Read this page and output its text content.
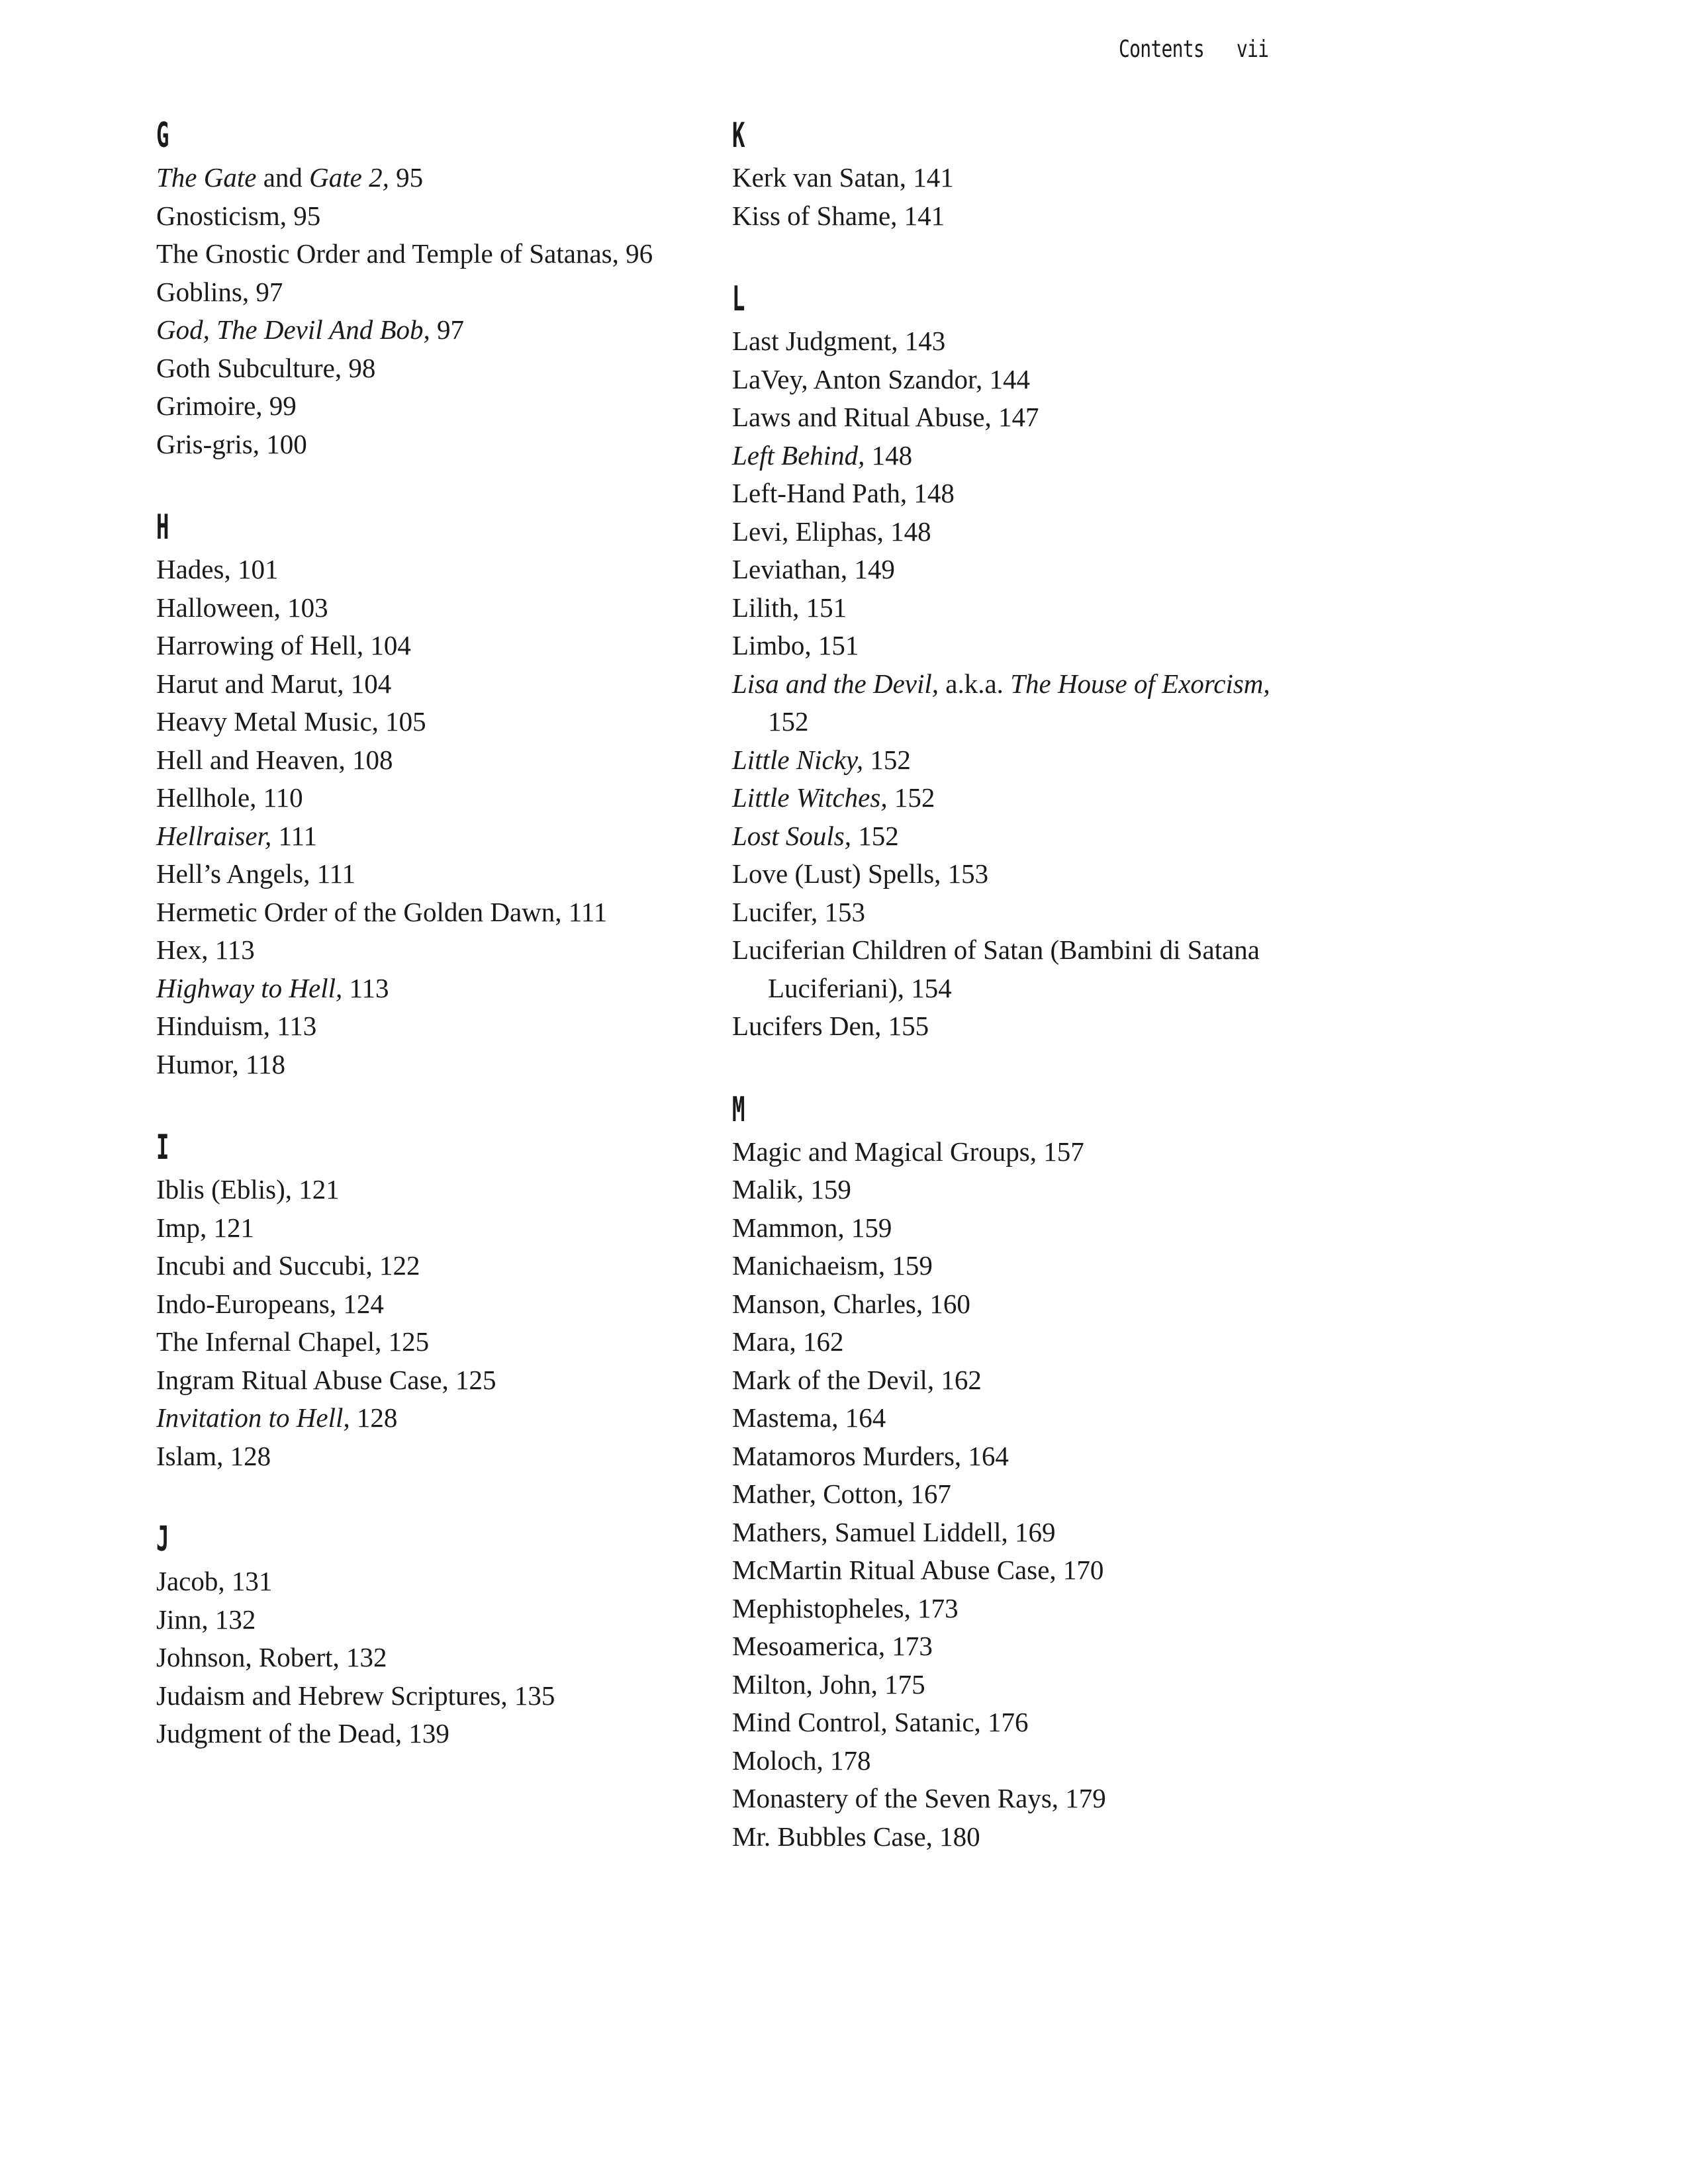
Contents vii
G
The Gate and Gate 2, 95
Gnosticism, 95
The Gnostic Order and Temple of Satanas, 96
Goblins, 97
God, The Devil And Bob, 97
Goth Subculture, 98
Grimoire, 99
Gris-gris, 100
H
Hades, 101
Halloween, 103
Harrowing of Hell, 104
Harut and Marut, 104
Heavy Metal Music, 105
Hell and Heaven, 108
Hellhole, 110
Hellraiser, 111
Hell’s Angels, 111
Hermetic Order of the Golden Dawn, 111
Hex, 113
Highway to Hell, 113
Hinduism, 113
Humor, 118
I
Iblis (Eblis), 121
Imp, 121
Incubi and Succubi, 122
Indo-Europeans, 124
The Infernal Chapel, 125
Ingram Ritual Abuse Case, 125
Invitation to Hell, 128
Islam, 128
J
Jacob, 131
Jinn, 132
Johnson, Robert, 132
Judaism and Hebrew Scriptures, 135
Judgment of the Dead, 139
K
Kerk van Satan, 141
Kiss of Shame, 141
L
Last Judgment, 143
LaVey, Anton Szandor, 144
Laws and Ritual Abuse, 147
Left Behind, 148
Left-Hand Path, 148
Levi, Eliphas, 148
Leviathan, 149
Lilith, 151
Limbo, 151
Lisa and the Devil, a.k.a. The House of Exorcism, 152
Little Nicky, 152
Little Witches, 152
Lost Souls, 152
Love (Lust) Spells, 153
Lucifer, 153
Luciferian Children of Satan (Bambini di Satana Luciferiani), 154
Lucifers Den, 155
M
Magic and Magical Groups, 157
Malik, 159
Mammon, 159
Manichaeism, 159
Manson, Charles, 160
Mara, 162
Mark of the Devil, 162
Mastema, 164
Matamoros Murders, 164
Mather, Cotton, 167
Mathers, Samuel Liddell, 169
McMartin Ritual Abuse Case, 170
Mephistopheles, 173
Mesoamerica, 173
Milton, John, 175
Mind Control, Satanic, 176
Moloch, 178
Monastery of the Seven Rays, 179
Mr. Bubbles Case, 180
